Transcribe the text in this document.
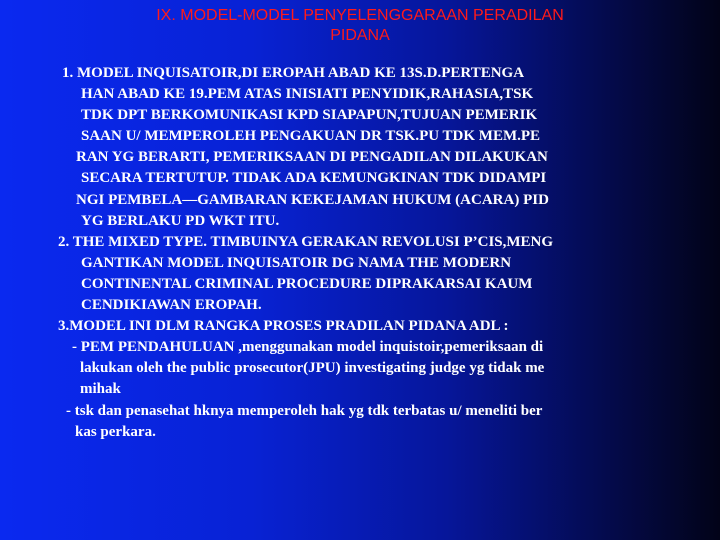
IX. MODEL-MODEL PENYELENGGARAAN PERADILAN
PIDANA
1. MODEL INQUISATOIR,DI EROPAH ABAD KE 13S.D.PERTENGA
HAN ABAD KE 19.PEM ATAS INISIATI PENYIDIK,RAHASIA,TSK
TDK DPT BERKOMUNIKASI KPD SIAPAPUN,TUJUAN PEMERIK
SAAN U/ MEMPEROLEH PENGAKUAN DR TSK.PU TDK MEM.PE
RAN YG BERARTI, PEMERIKSAAN DI PENGADILAN DILAKUKAN
SECARA TERTUTUP. TIDAK ADA KEMUNGKINAN TDK DIDAMPI
NGI PEMBELA—GAMBARAN KEKEJAMAN HUKUM (ACARA) PID
YG BERLAKU PD WKT ITU.
2. THE MIXED TYPE. TIMBUINYA GERAKAN REVOLUSI P’CIS,MENG
GANTIKAN MODEL INQUISATOIR DG NAMA THE MODERN
CONTINENTAL CRIMINAL PROCEDURE DIPRAKARSAI KAUM
CENDIKIAWAN EROPAH.
3.MODEL INI DLM RANGKA PROSES PRADILAN PIDANA ADL :
- PEM PENDAHULUAN ,menggunakan model inquistoir,pemeriksaan di
lakukan oleh the public prosecutor(JPU) investigating judge yg tidak me
mihak
- tsk dan penasehat hknya memperoleh hak yg tdk terbatas u/ meneliti ber
kas perkara.
